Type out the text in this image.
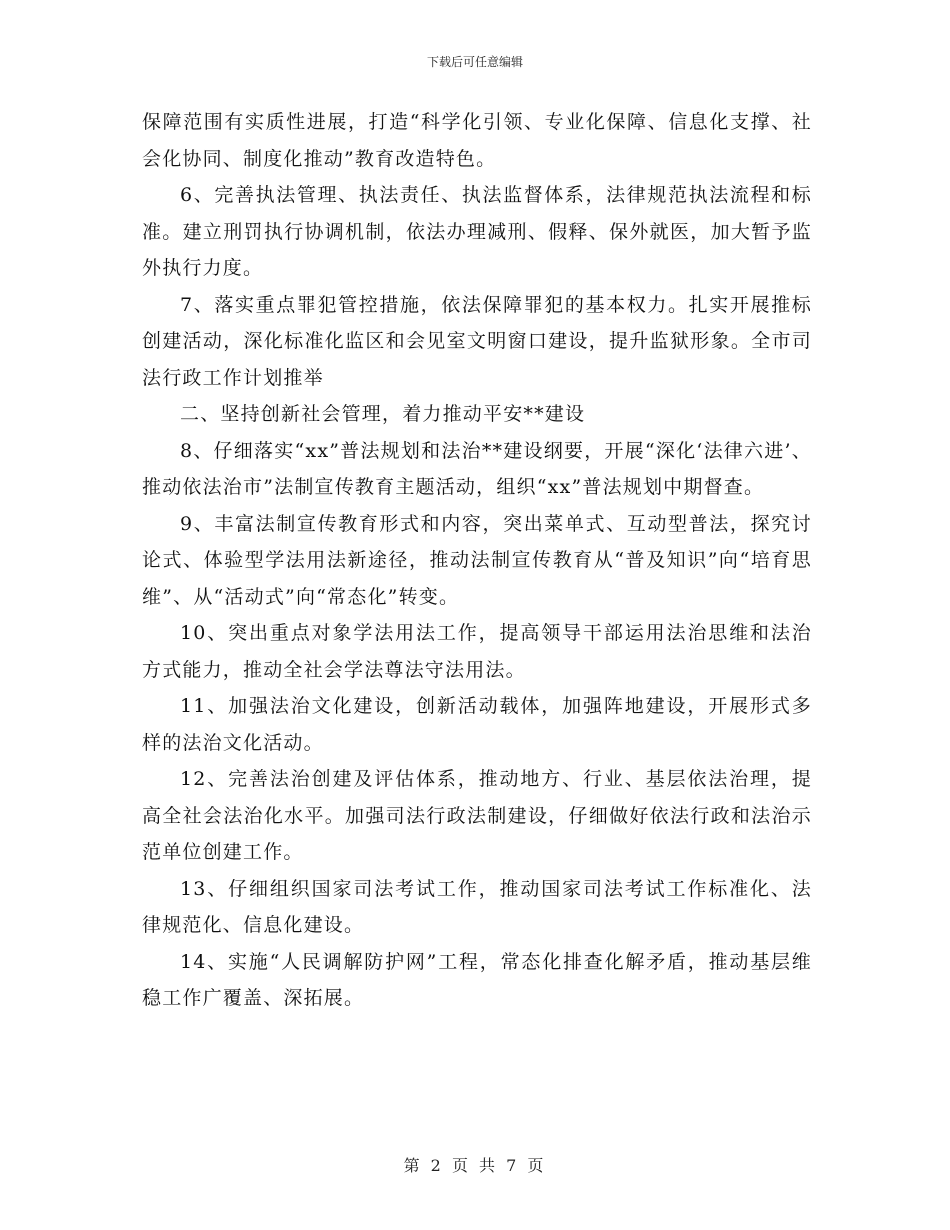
下载后可任意编辑

保障范围有实质性进展，打造“科学化引领、专业化保障、信息化支撑、社会化协同、制度化推动”教育改造特色。

6、完善执法管理、执法责任、执法监督体系，法律规范执法流程和标准。建立刑罚执行协调机制，依法办理减刑、假释、保外就医，加大暂予监外执行力度。

7、落实重点罪犯管控措施，依法保障罪犯的基本权力。扎实开展推标创建活动，深化标准化监区和会见室文明窗口建设，提升监狱形象。全市司法行政工作计划推举

二、坚持创新社会管理，着力推动平安**建设

8、仔细落实“xx”普法规划和法治**建设纲要，开展“深化‘法律六进’、推动依法治市”法制宣传教育主题活动，组织“xx”普法规划中期督查。

9、丰富法制宣传教育形式和内容，突出菜单式、互动型普法，探究讨论式、体验型学法用法新途径，推动法制宣传教育从“普及知识”向“培育思维”、从“活动式”向“常态化”转变。

10、突出重点对象学法用法工作，提高领导干部运用法治思维和法治方式能力，推动全社会学法尊法守法用法。

11、加强法治文化建设，创新活动载体，加强阵地建设，开展形式多样的法治文化活动。

12、完善法治创建及评估体系，推动地方、行业、基层依法治理，提高全社会法治化水平。加强司法行政法制建设，仔细做好依法行政和法治示范单位创建工作。

13、仔细组织国家司法考试工作，推动国家司法考试工作标准化、法律规范化、信息化建设。

14、实施“人民调解防护网”工程，常态化排查化解矛盾，推动基层维稳工作广覆盖、深拓展。

第 2 页 共 7 页
